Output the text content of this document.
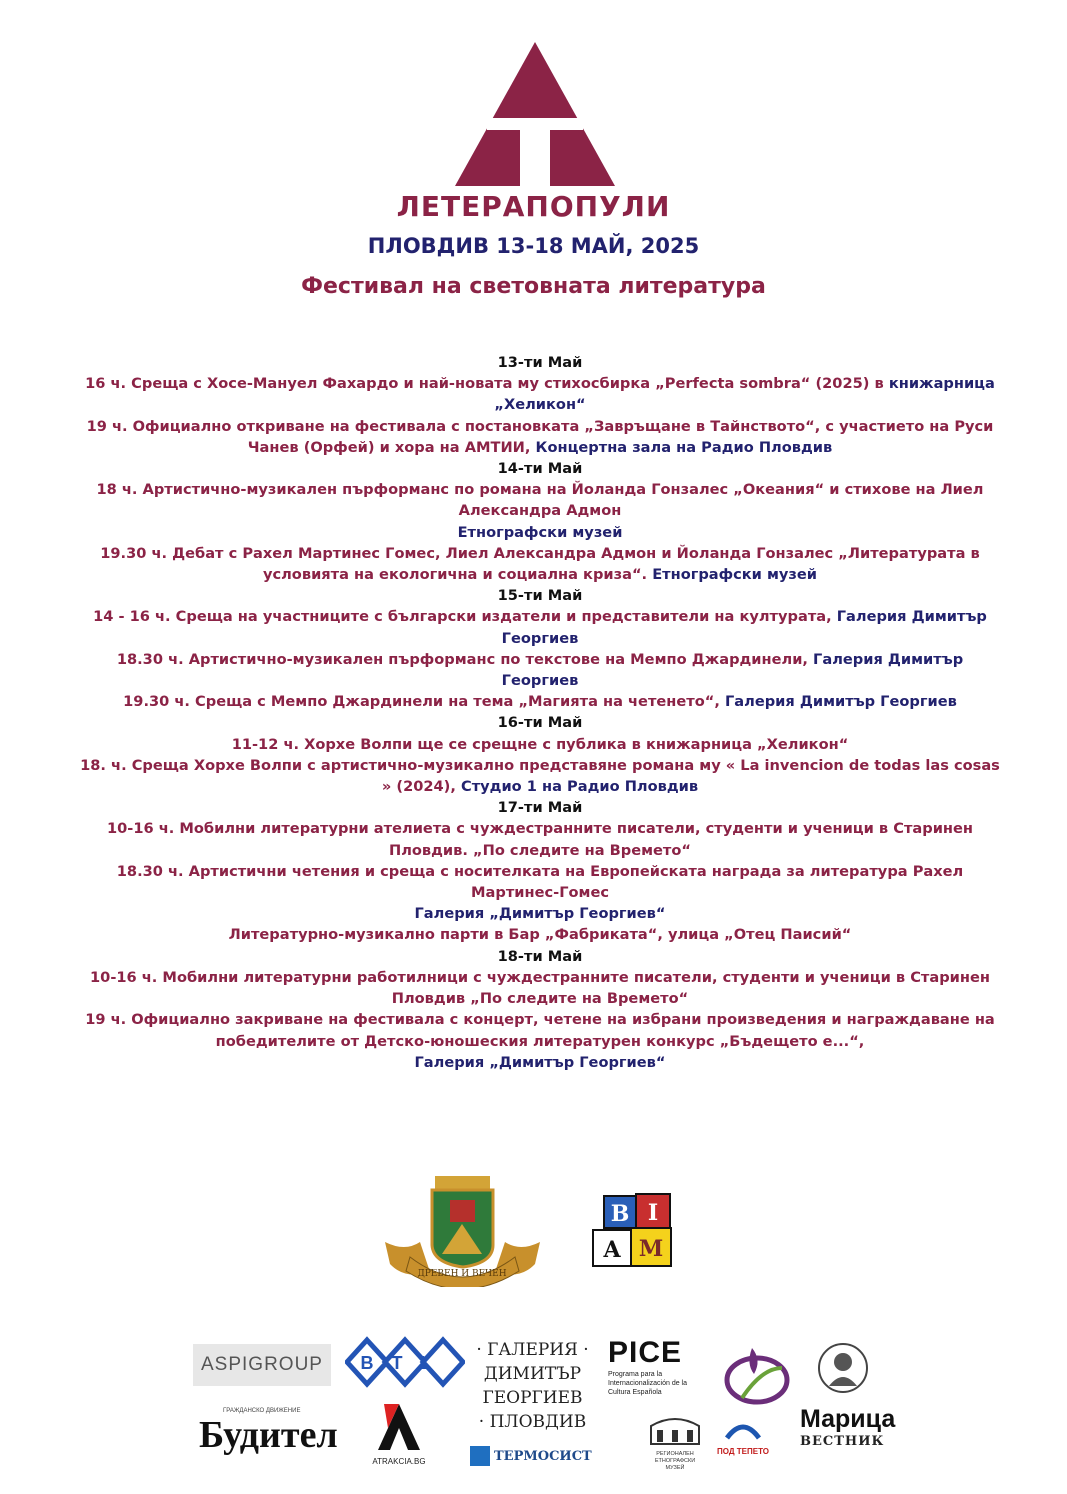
ЛЕТЕРАПОПУЛИ
ПЛОВДИВ 13-18 МАЙ, 2025
Фестивал на световната литература
13-ти Май
16 ч. Среща с Хосе-Мануел Фахардо и най-новата му стихосбирка „Perfecta sombra“ (2025) в книжарница
„Хеликон“
19 ч. Официално откриване на фестивала с постановката „Завръщане в Тайнството“, с участието на Руси
Чанев (Орфей) и хора на АМТИИ, Концертна зала на Радио Пловдив
14-ти Май
18 ч. Артистично-музикален пърформанс по романа на Йоланда Гонзалес „Океания“ и стихове на Лиел
Александра Адмон
Етнографски музей
19.30 ч. Дебат с Рахел Мартинес Гомес, Лиел Александра Адмон и Йоланда Гонзалес „Литературата в
условията на екологична и социална криза“. Етнографски музей
15-ти Май
14 - 16 ч. Среща на участниците с български издатели и представители на културата, Галерия Димитър
Георгиев
18.30 ч. Артистично-музикален пърформанс по текстове на Мемпо Джардинели, Галерия Димитър
Георгиев
19.30 ч. Среща с Мемпо Джардинели на тема „Магията на четенето“, Галерия Димитър Георгиев
16-ти Май
11-12 ч. Хорхе Волпи ще се срещне с публика в книжарница „Хеликон“
18. ч. Среща Хорхе Волпи с артистично-музикално представяне романа му « La invencion de todas las cosas
» (2024), Студио 1 на Радио Пловдив
17-ти Май
10-16 ч. Мобилни литературни ателиета с чуждестранните писатели, студенти и ученици в Старинен
Пловдив. „По следите на Времето“
18.30 ч. Артистични четения и среща с носителката на Европейската награда за литература Рахел
Мартинес-Гомес
Галерия „Димитър Георгиев“
Литературно-музикално парти в Бар „Фабриката“, улица „Отец Паисий“
18-ти Май
10-16 ч. Мобилни литературни работилници с чуждестранните писатели, студенти и ученици в Старинен
Пловдив „По следите на Времето“
19 ч. Официално закриване на фестивала с концерт, четене на избрани произведения и награждаване на
победителите от Детско-юношеския литературен конкурс „Бъдещето е...“,
Галерия „Димитър Георгиев“
ДРЕВЕН И ВЕЧЕН
B I
A M
ASPIGROUP	BTL
· ГАЛЕРИЯ ·
ДИМИТЪР
ГЕОРГИЕВ
· ПЛОВДИВ
PICE
Programa para la Internacionalización de la Cultura Española
ГРАЖДАНСКО ДВИЖЕНИЕ
Будител
ATRAKCIA.BG	ТЕРМОСИСТ	РЕГИОНАЛЕН ЕТНОГРАФСКИ МУЗЕЙ
ПОД ТЕПЕТО
Марица
ВЕСТНИК
